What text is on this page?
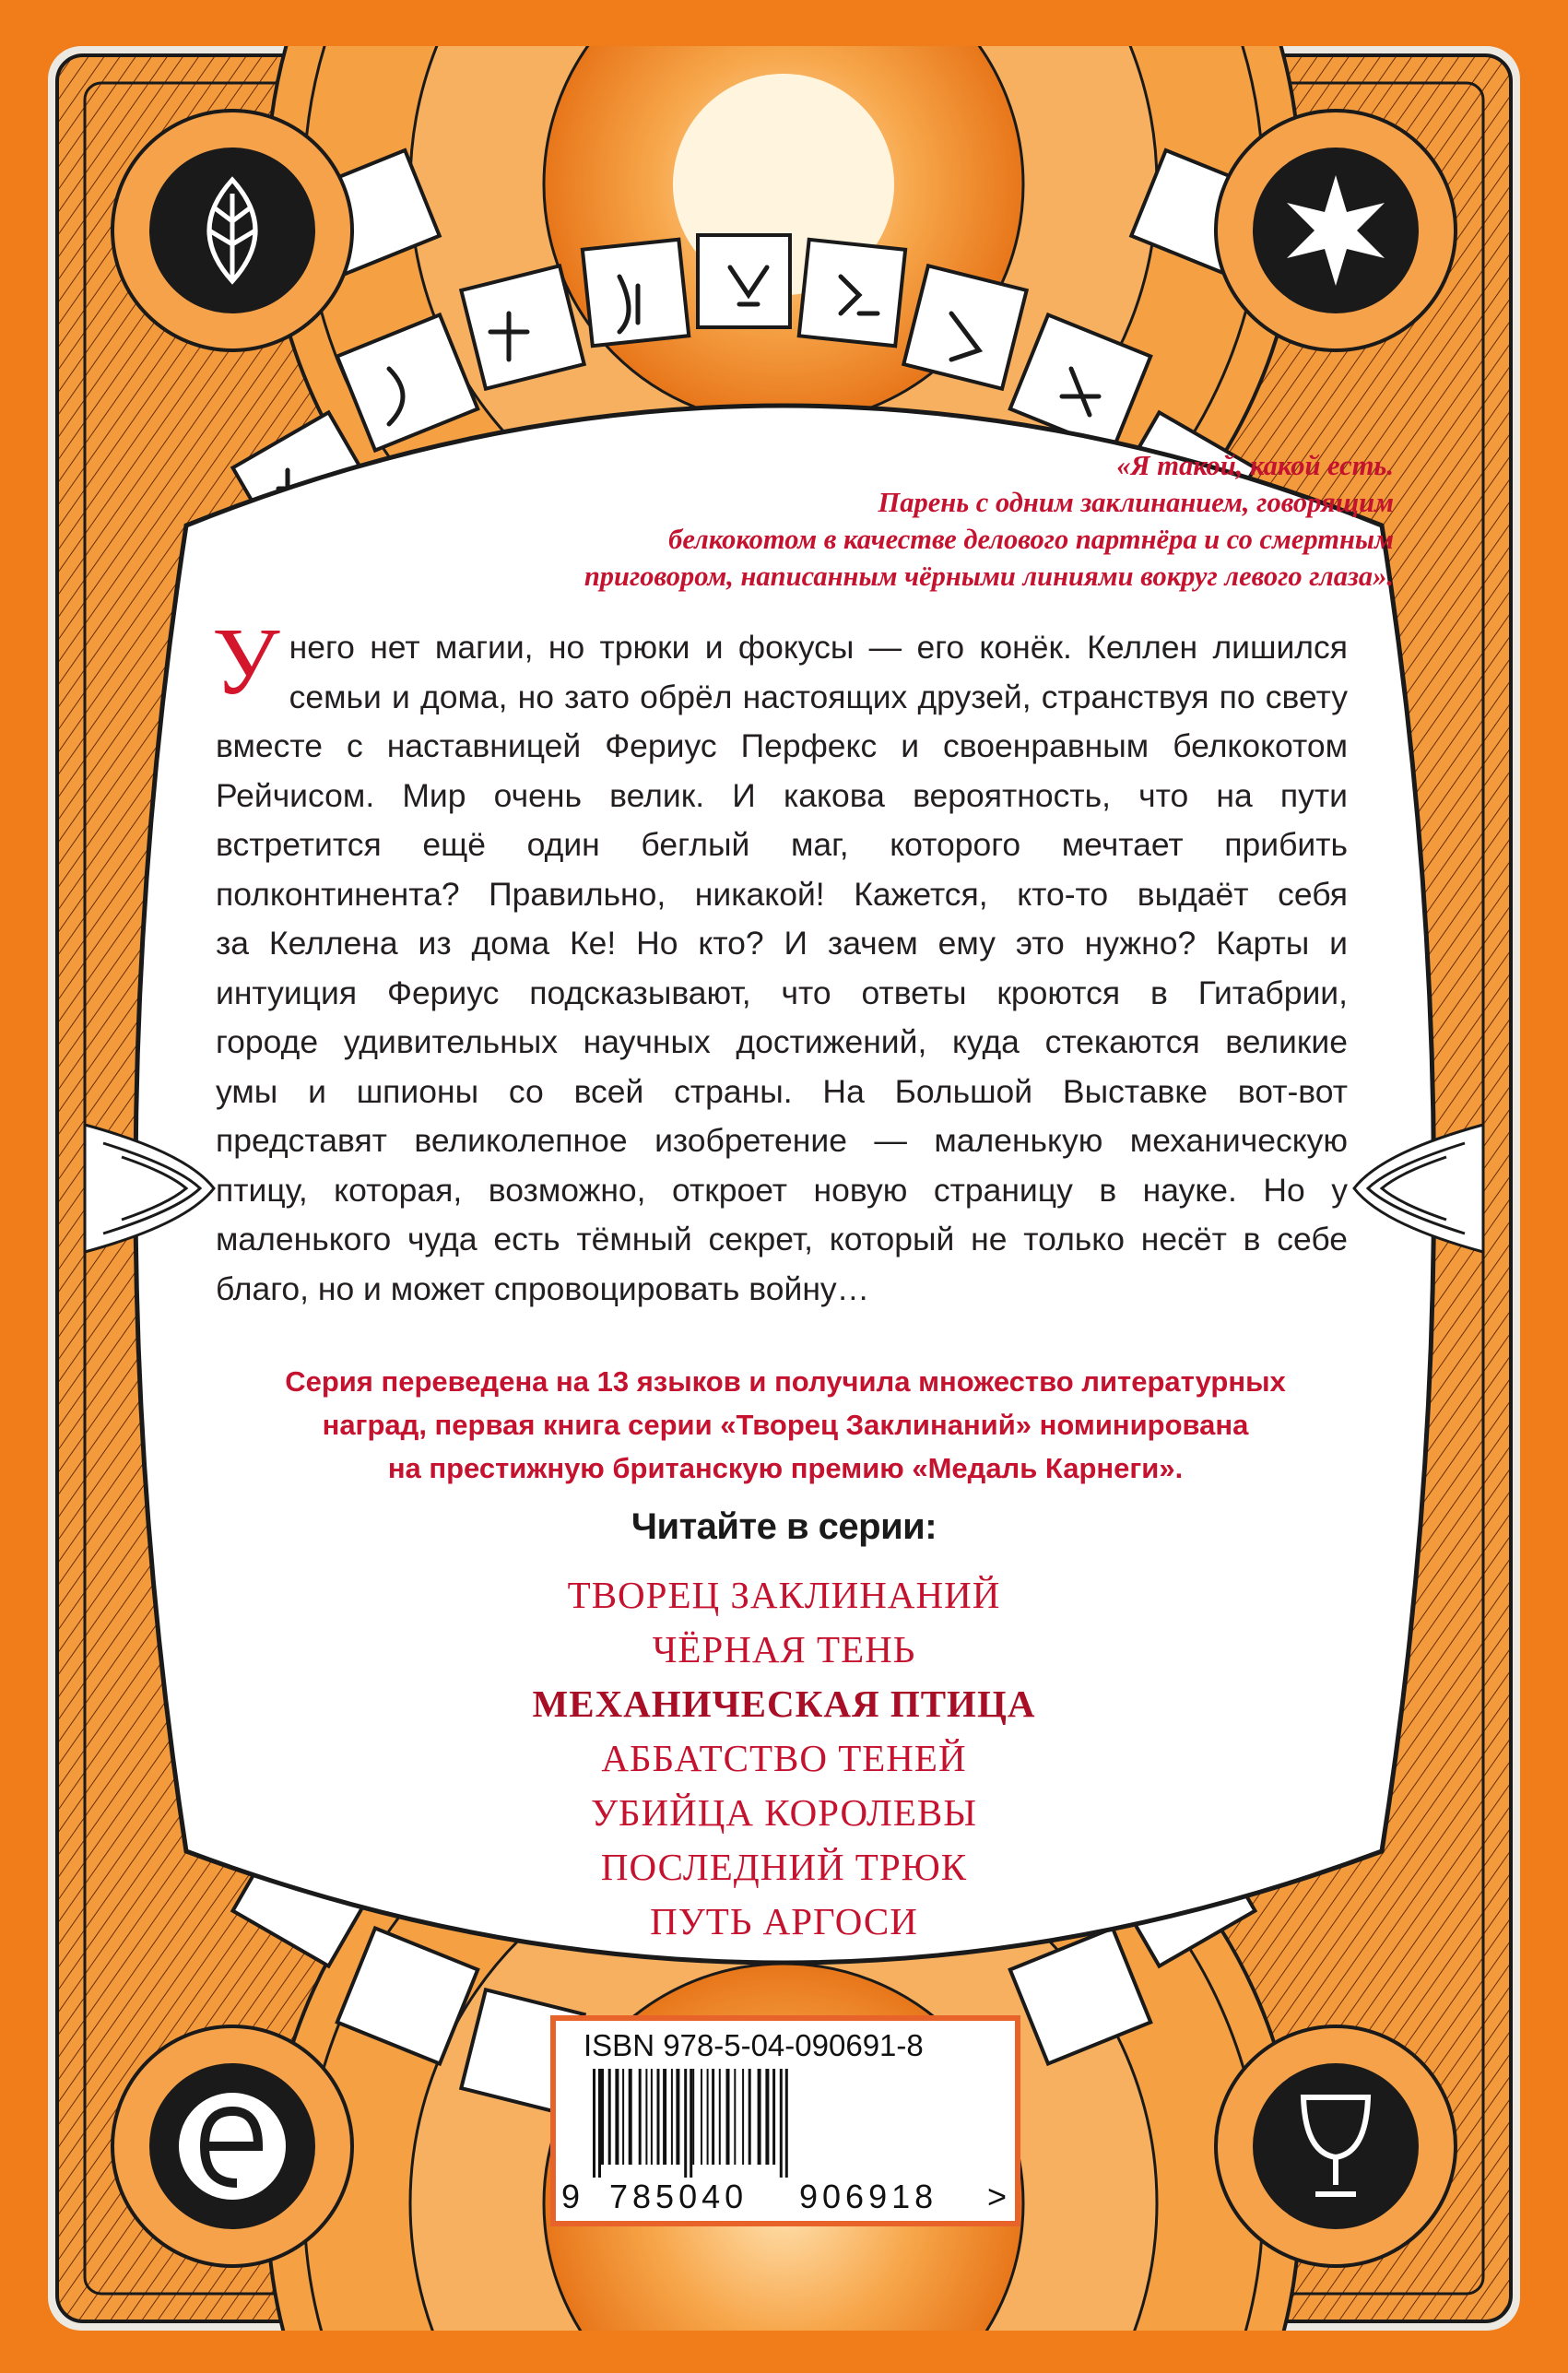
«Я такой, какой есть.
Парень с одним заклинанием, говорящим
белкокотом в качестве делового партнёра и со смертным
приговором, написанным чёрными линиями вокруг левого глаза».
У него нет магии, но трюки и фокусы — его конёк. Келлен лишился
семьи и дома, но зато обрёл настоящих друзей, странствуя по свету
вместе с наставницей Фериус Перфекс и своенравным белкокотом
Рейчисом. Мир очень велик. И какова вероятность, что на пути
встретится ещё один беглый маг, которого мечтает прибить
полконтинента? Правильно, никакой! Кажется, кто-то выдаёт себя
за Келлена из дома Ке! Но кто? И зачем ему это нужно? Карты и
интуиция Фериус подсказывают, что ответы кроются в Гитабрии,
городе удивительных научных достижений, куда стекаются великие
умы и шпионы со всей страны. На Большой Выставке вот-вот
представят великолепное изобретение — маленькую механическую
птицу, которая, возможно, откроет новую страницу в науке. Но у
маленького чуда есть тёмный секрет, который не только несёт в себе
благо, но и может спровоцировать войну…
Серия переведена на 13 языков и получила множество литературных
наград, первая книга серии «Творец Заклинаний» номинирована
на престижную британскую премию «Медаль Карнеги».
Читайте в серии:
ТВОРЕЦ ЗАКЛИНАНИЙ
ЧЁРНАЯ ТЕНЬ
МЕХАНИЧЕСКАЯ ПТИЦА
АББАТСТВО ТЕНЕЙ
УБИЙЦА КОРОЛЕВЫ
ПОСЛЕДНИЙ ТРЮК
ПУТЬ АРГОСИ
ISBN 978-5-04-090691-8
9 785040 906918 >
